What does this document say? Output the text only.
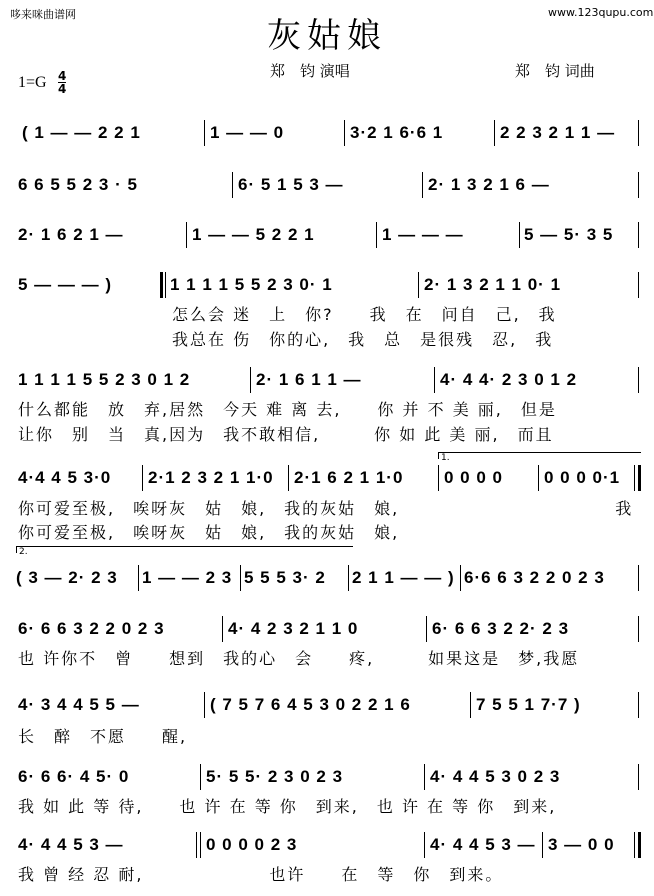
哆来咪曲谱网	www.123qupu.com
灰姑娘
郑　钧 演唱	郑　钧 词曲
$1=G \frac{4}{4}$
( 1 — — 2 2 1	1 — — 0	3·2 1 6·6 1	2 2 3 2 1 1 —
6 6 5 5 2 3 · 5	6· 5 1 5 3 —	2· 1 3 2 1 6 —
2· 1 6 2 1 —	1 — — 5 2 2 1	1 — — —	5 — 5· 3 5
5 — — — )	1 1 1 1 5 5 2 3 0· 1	2· 1 3 2 1 1 0· 1
怎么会 迷　上　你?　　我　在　问自　己,　我
我总在 伤　你的心,　我　总　是很残　忍,　我
1 1 1 1 5 5 2 3 0 1 2	2· 1 6 1 1 —	4· 4 4· 2 3 0 1 2
什么都能　放　弃,居然　今天 难 离 去,　　你 并 不 美 丽,　但是
让你　别　当　真,因为　我不敢相信,　　　你 如 此 美 丽,　而且
1.
4·4 4 5 3·0	2·1 2 3 2 1 1·0	2·1 6 2 1 1·0	0 0 0 0	0 0 0 0·1
你可爱至极,　唉呀灰　姑　娘,　我的灰姑　娘,　　　　　　　　　　　　我
你可爱至极,　唉呀灰　姑　娘,　我的灰姑　娘,
2.
( 3 — 2· 2 3	1 — — 2 3 5 5 5 3· 2	2 1 1 — — ) 6·6 6 3 2 2 0 2 3
6· 6 6 3 2 2 0 2 3	4· 4 2 3 2 1 1 0	6· 6 6 3 2 2· 2 3
也 许你不　曾　　想到　我的心　会　　疼,　　　如果这是　梦,我愿
4· 3 4 4 5 5 —	( 7 5 7 6 4 5 3 0 2 2 1 6	7 5 5 1 7·7 )
长　醉　不愿　　醒,
6· 6 6· 4 5· 0	5· 5 5· 2 3 0 2 3	4· 4 4 5 3 0 2 3
我 如 此 等 待,　　也 许 在 等 你　到来,　也 许 在 等 你　到来,
4· 4 4 5 3 —	0 0 0 0 2 3	4· 4 4 5 3 — 3 — 0 0
我 曾 经 忍 耐,　　　　　　　也许　　在　等　你　到来。
